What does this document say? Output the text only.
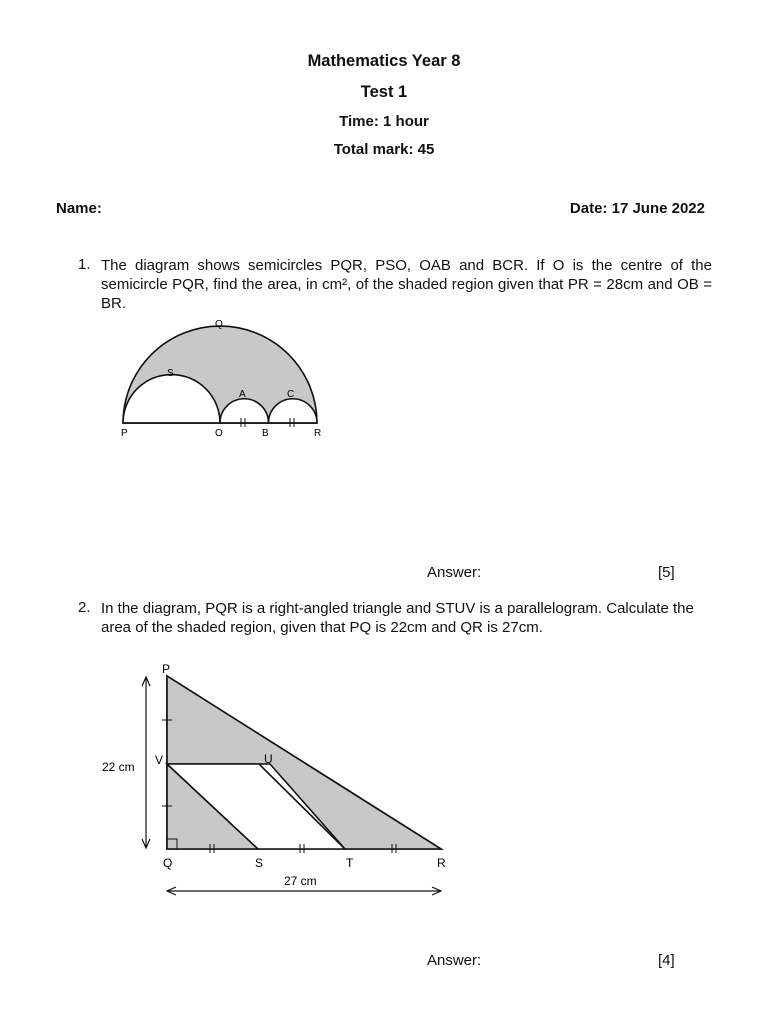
Mathematics Year 8
Test 1
Time: 1 hour
Total mark: 45
Name:	Date: 17 June 2022
1. The diagram shows semicircles PQR, PSO, OAB and BCR. If O is the centre of the semicircle PQR, find the area, in cm², of the shaded region given that PR = 28cm and OB = BR.
Q
S
A	C
P	O	B	R
Answer:	[5]
2. In the diagram, PQR is a right-angled triangle and STUV is a parallelogram. Calculate the area of the shaded region, given that PQ is 22cm and QR is 27cm.
P
V	U
Q	S	T	R
22 cm
27 cm
Answer:	[4]
